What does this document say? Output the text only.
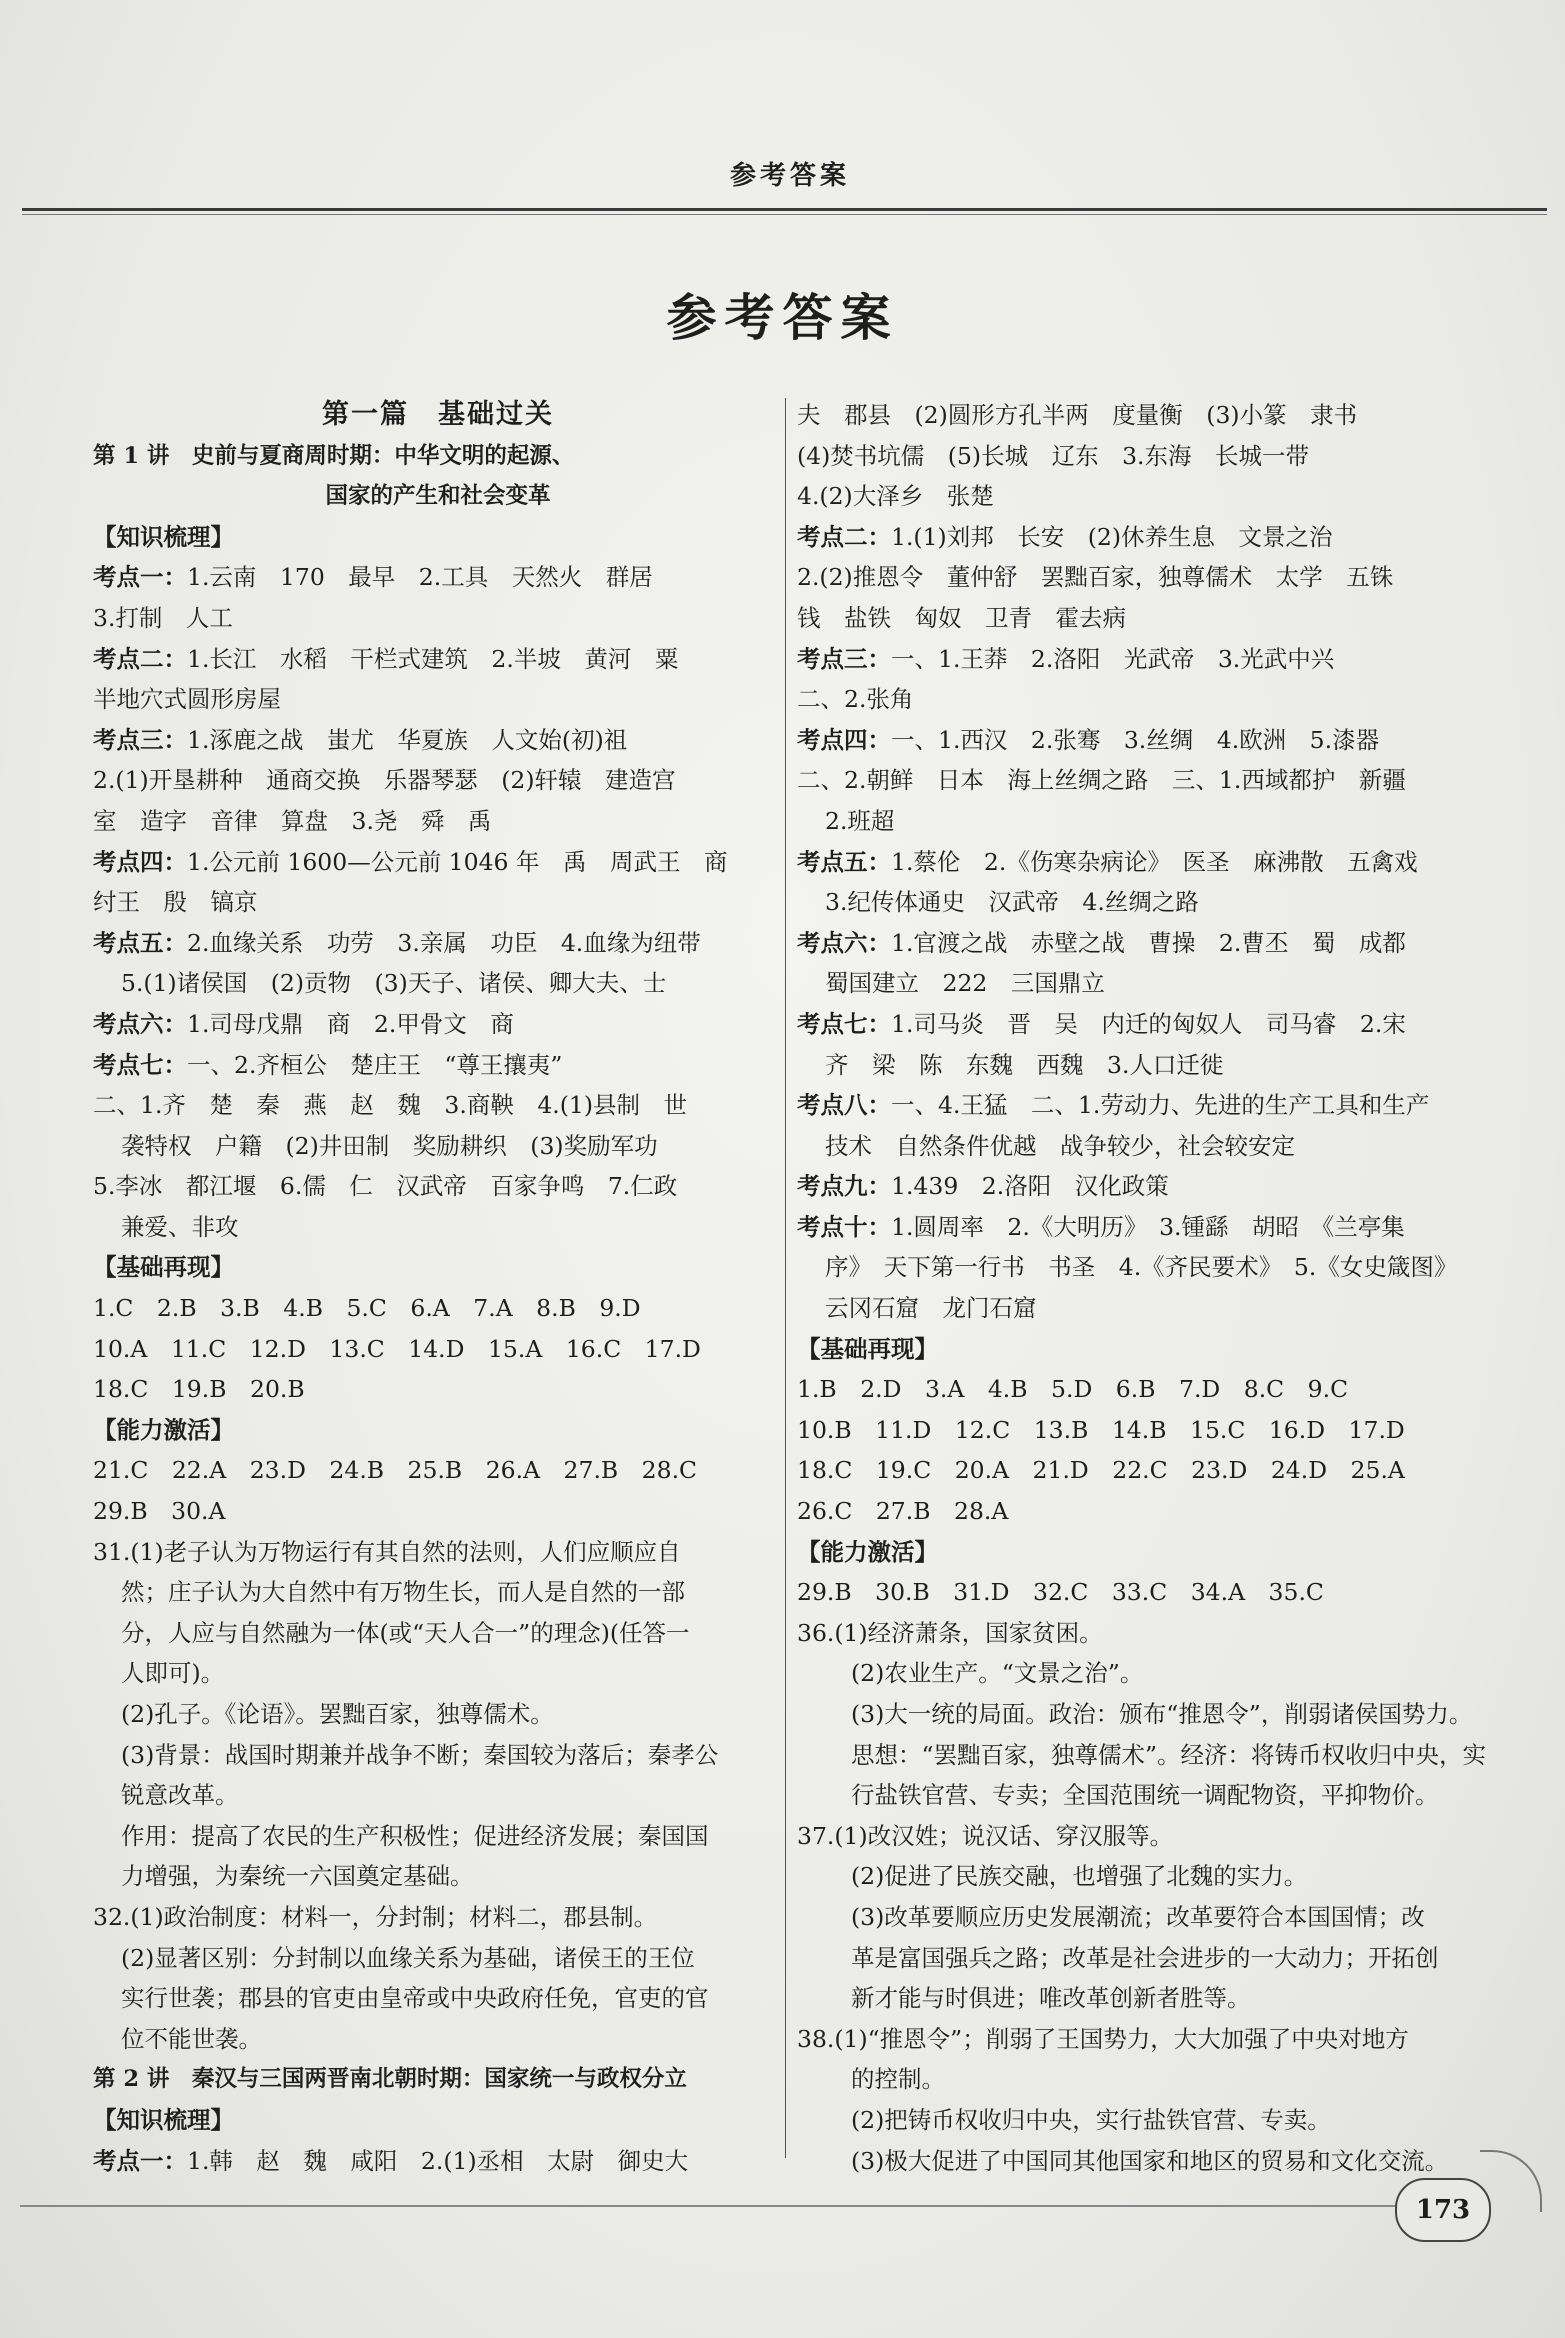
参考答案
参考答案
第一篇　基础过关
第 1 讲　史前与夏商周时期：中华文明的起源、
国家的产生和社会变革
【知识梳理】
考点一：1.云南　170　最早　2.工具　天然火　群居
3.打制　人工
考点二：1.长江　水稻　干栏式建筑　2.半坡　黄河　粟
半地穴式圆形房屋
考点三：1.涿鹿之战　蚩尤　华夏族　人文始(初)祖
2.(1)开垦耕种　通商交换　乐器琴瑟　(2)轩辕　建造宫
室　造字　音律　算盘　3.尧　舜　禹
考点四：1.公元前 1600—公元前 1046 年　禹　周武王　商
纣王　殷　镐京
考点五：2.血缘关系　功劳　3.亲属　功臣　4.血缘为纽带
5.(1)诸侯国　(2)贡物　(3)天子、诸侯、卿大夫、士
考点六：1.司母戊鼎　商　2.甲骨文　商
考点七：一、2.齐桓公　楚庄王　“尊王攘夷”
二、1.齐　楚　秦　燕　赵　魏　3.商鞅　4.(1)县制　世
袭特权　户籍　(2)井田制　奖励耕织　(3)奖励军功
5.李冰　都江堰　6.儒　仁　汉武帝　百家争鸣　7.仁政
兼爱、非攻
【基础再现】
1.C　2.B　3.B　4.B　5.C　6.A　7.A　8.B　9.D
10.A　11.C　12.D　13.C　14.D　15.A　16.C　17.D
18.C　19.B　20.B
【能力激活】
21.C　22.A　23.D　24.B　25.B　26.A　27.B　28.C
29.B　30.A
31.(1)老子认为万物运行有其自然的法则，人们应顺应自
然；庄子认为大自然中有万物生长，而人是自然的一部
分，人应与自然融为一体(或“天人合一”的理念)(任答一
人即可)。
(2)孔子。《论语》。罢黜百家，独尊儒术。
(3)背景：战国时期兼并战争不断；秦国较为落后；秦孝公
锐意改革。
作用：提高了农民的生产积极性；促进经济发展；秦国国
力增强，为秦统一六国奠定基础。
32.(1)政治制度：材料一，分封制；材料二，郡县制。
(2)显著区别：分封制以血缘关系为基础，诸侯王的王位
实行世袭；郡县的官吏由皇帝或中央政府任免，官吏的官
位不能世袭。
第 2 讲　秦汉与三国两晋南北朝时期：国家统一与政权分立
【知识梳理】
考点一：1.韩　赵　魏　咸阳　2.(1)丞相　太尉　御史大
夫　郡县　(2)圆形方孔半两　度量衡　(3)小篆　隶书
(4)焚书坑儒　(5)长城　辽东　3.东海　长城一带
4.(2)大泽乡　张楚
考点二：1.(1)刘邦　长安　(2)休养生息　文景之治
2.(2)推恩令　董仲舒　罢黜百家，独尊儒术　太学　五铢
钱　盐铁　匈奴　卫青　霍去病
考点三：一、1.王莽　2.洛阳　光武帝　3.光武中兴
二、2.张角
考点四：一、1.西汉　2.张骞　3.丝绸　4.欧洲　5.漆器
二、2.朝鲜　日本　海上丝绸之路　三、1.西域都护　新疆
2.班超
考点五：1.蔡伦　2.《伤寒杂病论》　医圣　麻沸散　五禽戏
3.纪传体通史　汉武帝　4.丝绸之路
考点六：1.官渡之战　赤壁之战　曹操　2.曹丕　蜀　成都
蜀国建立　222　三国鼎立
考点七：1.司马炎　晋　吴　内迁的匈奴人　司马睿　2.宋
齐　梁　陈　东魏　西魏　3.人口迁徙
考点八：一、4.王猛　二、1.劳动力、先进的生产工具和生产
技术　自然条件优越　战争较少，社会较安定
考点九：1.439　2.洛阳　汉化政策
考点十：1.圆周率　2.《大明历》　3.锺繇　胡昭　《兰亭集
序》　天下第一行书　书圣　4.《齐民要术》　5.《女史箴图》
云冈石窟　龙门石窟
【基础再现】
1.B　2.D　3.A　4.B　5.D　6.B　7.D　8.C　9.C
10.B　11.D　12.C　13.B　14.B　15.C　16.D　17.D
18.C　19.C　20.A　21.D　22.C　23.D　24.D　25.A
26.C　27.B　28.A
【能力激活】
29.B　30.B　31.D　32.C　33.C　34.A　35.C
36.(1)经济萧条，国家贫困。
(2)农业生产。“文景之治”。
(3)大一统的局面。政治：颁布“推恩令”，削弱诸侯国势力。
思想：“罢黜百家，独尊儒术”。经济：将铸币权收归中央，实
行盐铁官营、专卖；全国范围统一调配物资，平抑物价。
37.(1)改汉姓；说汉话、穿汉服等。
(2)促进了民族交融，也增强了北魏的实力。
(3)改革要顺应历史发展潮流；改革要符合本国国情；改
革是富国强兵之路；改革是社会进步的一大动力；开拓创
新才能与时俱进；唯改革创新者胜等。
38.(1)“推恩令”；削弱了王国势力，大大加强了中央对地方
的控制。
(2)把铸币权收归中央，实行盐铁官营、专卖。
(3)极大促进了中国同其他国家和地区的贸易和文化交流。
173
